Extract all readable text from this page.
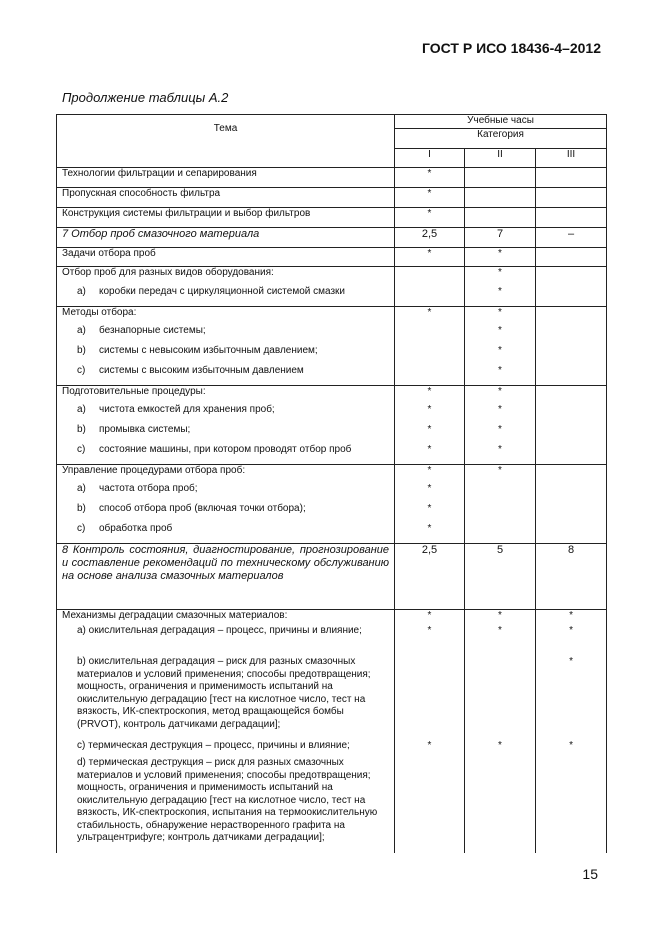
ГОСТ Р ИСО 18436-4–2012
Продолжение таблицы А.2
Тема	Учебные часы		
	Категория		
	I	II	III
Технологии фильтрации и сепарирования	*		
Пропускная способность фильтра	*		
Конструкция системы фильтрации и выбор фильтров	*		
7 Отбор проб смазочного материала	2,5	7	–
Задачи отбора проб	*	*	
Отбор проб для разных видов оборудования:		*	
a) коробки передач с циркуляционной системой смазки		*	
Методы отбора:	*	*	
a) безнапорные системы;		*	
b) системы с невысоким избыточным давлением;		*	
c) системы с высоким избыточным давлением		*	
Подготовительные процедуры:	*	*	
a) чистота емкостей для хранения проб;	*	*	
b) промывка системы;	*	*	
c) состояние машины, при котором проводят отбор проб	*	*	
Управление процедурами отбора проб:	*	*	
a) частота отбора проб;	*		
b) способ отбора проб (включая точки отбора);	*		
c) обработка проб	*		
8 Контроль состояния, диагностирование, прогнозирование и составление рекомендаций по техническому обслуживанию на основе анализа смазочных материалов	2,5	5	8
Механизмы деградации смазочных материалов:	*	*	*
a) окислительная деградация – процесс, причины и влияние;	*	*	*
b) окислительная деградация – риск для разных смазочных материалов и условий применения; способы предотвращения; мощность, ограничения и применимость испытаний на окислительную деградацию [тест на кислотное число, тест на вязкость, ИК-спектроскопия, метод вращающейся бомбы (PRVOT), контроль датчиками деградации];			*
c) термическая деструкция – процесс, причины и влияние;	*	*	*
d) термическая деструкция – риск для разных смазочных материалов и условий применения; способы предотвращения; мощность, ограничения и применимость испытаний на окислительную деградацию [тест на кислотное число, тест на вязкость, ИК-спектроскопия, испытания на термоокислительную стабильность, обнаружение нерастворенного графита на ультрацентрифуге; контроль датчиками деградации];			
15
